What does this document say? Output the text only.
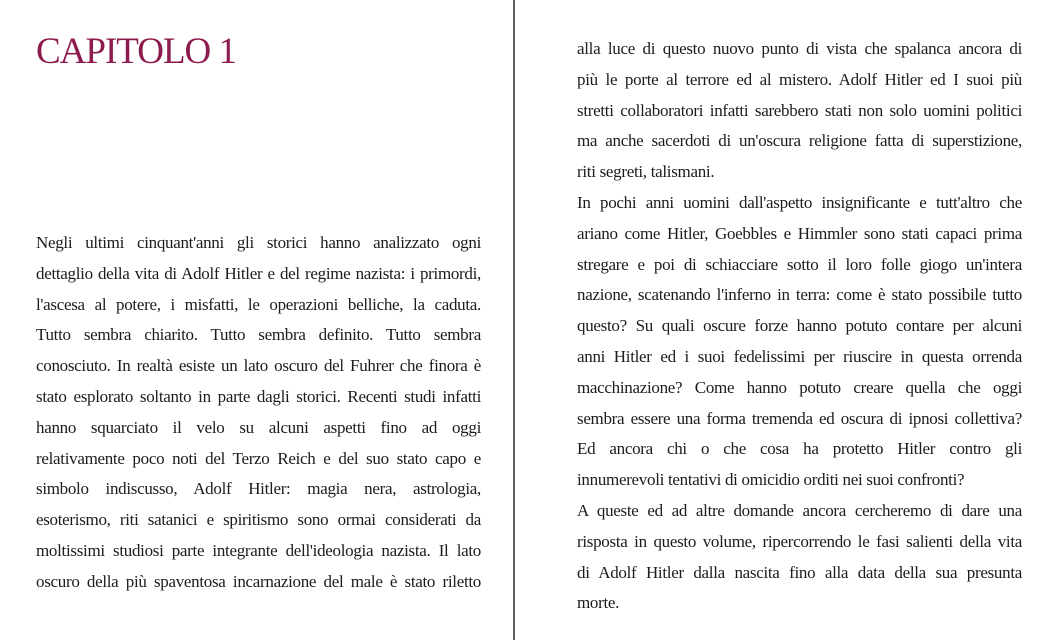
CAPITOLO 1
Negli ultimi cinquant'anni gli storici hanno analizzato ogni
dettaglio della vita di Adolf Hitler e del regime nazista: i primordi,
l'ascesa al potere, i misfatti, le operazioni belliche, la caduta.
Tutto sembra chiarito. Tutto sembra definito. Tutto sembra
conosciuto. In realtà esiste un lato oscuro del Fuhrer che finora è
stato esplorato soltanto in parte dagli storici. Recenti studi infatti
hanno squarciato il velo su alcuni aspetti fino ad oggi
relativamente poco noti del Terzo Reich e del suo stato capo e
simbolo indiscusso, Adolf Hitler: magia nera, astrologia,
esoterismo, riti satanici e spiritismo sono ormai considerati da
moltissimi studiosi parte integrante dell'ideologia nazista. Il lato
oscuro della più spaventosa incarnazione del male è stato riletto
alla luce di questo nuovo punto di vista che spalanca ancora di
più le porte al terrore ed al mistero. Adolf Hitler ed I suoi più
stretti collaboratori infatti sarebbero stati non solo uomini politici
ma anche sacerdoti di un'oscura religione fatta di superstizione,
riti segreti, talismani.
In pochi anni uomini dall'aspetto insignificante e tutt'altro che
ariano come Hitler, Goebbles e Himmler sono stati capaci prima
stregare e poi di schiacciare sotto il loro folle giogo un'intera
nazione, scatenando l'inferno in terra: come è stato possibile tutto
questo? Su quali oscure forze hanno potuto contare per alcuni
anni Hitler ed i suoi fedelissimi per riuscire in questa orrenda
macchinazione? Come hanno potuto creare quella che oggi
sembra essere una forma tremenda ed oscura di ipnosi collettiva?
Ed ancora chi o che cosa ha protetto Hitler contro gli
innumerevoli tentativi di omicidio orditi nei suoi confronti?
A queste ed ad altre domande ancora cercheremo di dare una
risposta in questo volume, ripercorrendo le fasi salienti della vita
di Adolf Hitler dalla nascita fino alla data della sua presunta
morte.
